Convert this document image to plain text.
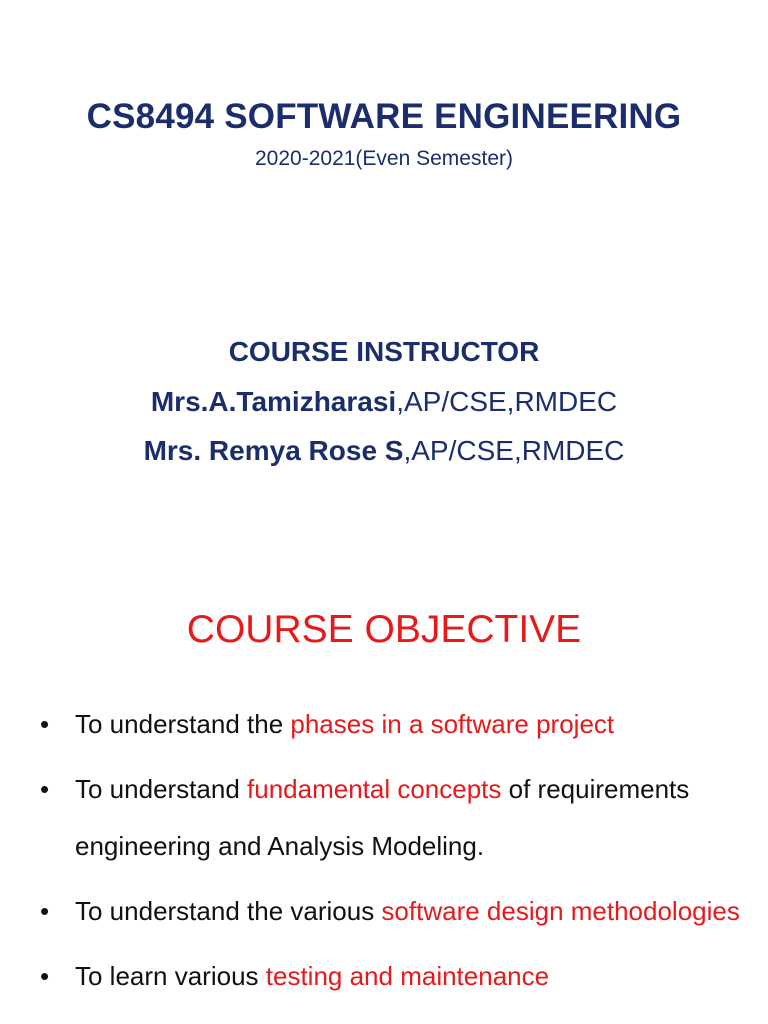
CS8494 SOFTWARE ENGINEERING
2020-2021(Even Semester)
COURSE INSTRUCTOR
Mrs.A.Tamizharasi,AP/CSE,RMDEC
Mrs. Remya Rose S,AP/CSE,RMDEC
COURSE OBJECTIVE
• To understand the phases in a software project
• To understand fundamental concepts of requirements engineering and Analysis Modeling.
• To understand the various software design methodologies
• To learn various testing and maintenance
